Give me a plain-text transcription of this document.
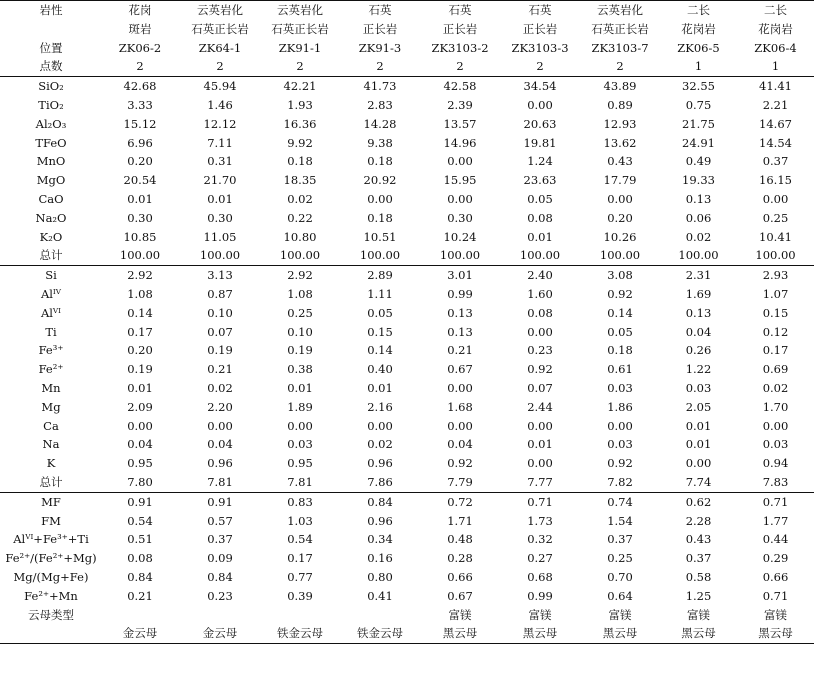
岩性	花岗	云英岩化	云英岩化	石英	石英	石英	云英岩化	二长	二长
	斑岩	石英正长岩	石英正长岩	正长岩	正长岩	正长岩	石英正长岩	花岗岩	花岗岩
位置	ZK06-2	ZK64-1	ZK91-1	ZK91-3	ZK3103-2	ZK3103-3	ZK3103-7	ZK06-5	ZK06-4
点数	2	2	2	2	2	2	2	1	1
SiO₂	42.68	45.94	42.21	41.73	42.58	34.54	43.89	32.55	41.41
TiO₂	3.33	1.46	1.93	2.83	2.39	0.00	0.89	0.75	2.21
Al₂O₃	15.12	12.12	16.36	14.28	13.57	20.63	12.93	21.75	14.67
TFeO	6.96	7.11	9.92	9.38	14.96	19.81	13.62	24.91	14.54
MnO	0.20	0.31	0.18	0.18	0.00	1.24	0.43	0.49	0.37
MgO	20.54	21.70	18.35	20.92	15.95	23.63	17.79	19.33	16.15
CaO	0.01	0.01	0.02	0.00	0.00	0.05	0.00	0.13	0.00
Na₂O	0.30	0.30	0.22	0.18	0.30	0.08	0.20	0.06	0.25
K₂O	10.85	11.05	10.80	10.51	10.24	0.01	10.26	0.02	10.41
总计	100.00	100.00	100.00	100.00	100.00	100.00	100.00	100.00	100.00
Si	2.92	3.13	2.92	2.89	3.01	2.40	3.08	2.31	2.93
Alᴵⱽ	1.08	0.87	1.08	1.11	0.99	1.60	0.92	1.69	1.07
Alⱽᴵ	0.14	0.10	0.25	0.05	0.13	0.08	0.14	0.13	0.15
Ti	0.17	0.07	0.10	0.15	0.13	0.00	0.05	0.04	0.12
Fe³⁺	0.20	0.19	0.19	0.14	0.21	0.23	0.18	0.26	0.17
Fe²⁺	0.19	0.21	0.38	0.40	0.67	0.92	0.61	1.22	0.69
Mn	0.01	0.02	0.01	0.01	0.00	0.07	0.03	0.03	0.02
Mg	2.09	2.20	1.89	2.16	1.68	2.44	1.86	2.05	1.70
Ca	0.00	0.00	0.00	0.00	0.00	0.00	0.00	0.01	0.00
Na	0.04	0.04	0.03	0.02	0.04	0.01	0.03	0.01	0.03
K	0.95	0.96	0.95	0.96	0.92	0.00	0.92	0.00	0.94
总计	7.80	7.81	7.81	7.86	7.79	7.77	7.82	7.74	7.83
MF	0.91	0.91	0.83	0.84	0.72	0.71	0.74	0.62	0.71
FM	0.54	0.57	1.03	0.96	1.71	1.73	1.54	2.28	1.77
Alⱽᴵ+Fe³⁺+Ti	0.51	0.37	0.54	0.34	0.48	0.32	0.37	0.43	0.44
Fe²⁺/(Fe²⁺+Mg)	0.08	0.09	0.17	0.16	0.28	0.27	0.25	0.37	0.29
Mg/(Mg+Fe)	0.84	0.84	0.77	0.80	0.66	0.68	0.70	0.58	0.66
Fe²⁺+Mn	0.21	0.23	0.39	0.41	0.67	0.99	0.64	1.25	0.71
云母类型					富镁	富镁	富镁	富镁	富镁
	金云母	金云母	铁金云母	铁金云母	黑云母	黑云母	黑云母	黑云母	黑云母
